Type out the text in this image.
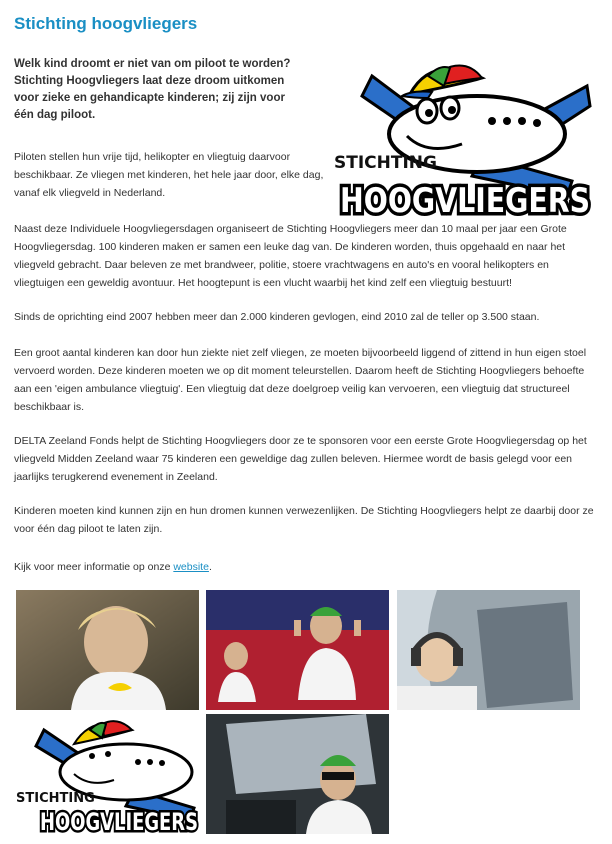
Stichting hoogvliegers

Welk kind droomt er niet van om piloot te worden? Stichting Hoogvliegers laat deze droom uitkomen voor zieke en gehandicapte kinderen; zij zijn voor één dag piloot.

STICHTING
HOOGVLIEGERS

Piloten stellen hun vrije tijd, helikopter en vliegtuig daarvoor beschikbaar. Ze vliegen met kinderen, het hele jaar door, elke dag, vanaf elk vliegveld in Nederland.

Naast deze Individuele Hoogvliegersdagen organiseert de Stichting Hoogvliegers meer dan 10 maal per jaar een Grote Hoogvliegersdag. 100 kinderen maken er samen een leuke dag van. De kinderen worden, thuis opgehaald en naar het vliegveld gebracht. Daar beleven ze met brandweer, politie, stoere vrachtwagens en auto's en vooral helikopters en vliegtuigen een geweldig avontuur. Het hoogtepunt is een vlucht waarbij het kind zelf een vliegtuig bestuurt!

Sinds de oprichting eind 2007 hebben meer dan 2.000 kinderen gevlogen, eind 2010 zal de teller op 3.500 staan.

Een groot aantal kinderen kan door hun ziekte niet zelf vliegen, ze moeten bijvoorbeeld liggend of zittend in hun eigen stoel vervoerd worden. Deze kinderen moeten we op dit moment teleurstellen. Daarom heeft de Stichting Hoogvliegers behoefte aan een 'eigen ambulance vliegtuig'. Een vliegtuig dat deze doelgroep veilig kan vervoeren, een vliegtuig dat structureel beschikbaar is.

DELTA Zeeland Fonds helpt de Stichting Hoogvliegers door ze te sponsoren voor een eerste Grote Hoogvliegersdag op het vliegveld Midden Zeeland waar 75 kinderen een geweldige dag zullen beleven. Hiermee wordt de basis gelegd voor een jaarlijks terugkerend evenement in Zeeland.

Kinderen moeten kind kunnen zijn en hun dromen kunnen verwezenlijken. De Stichting Hoogvliegers helpt ze daarbij door ze voor één dag piloot te laten zijn.

Kijk voor meer informatie op onze website.

STICHTING
HOOGVLIEGERS
